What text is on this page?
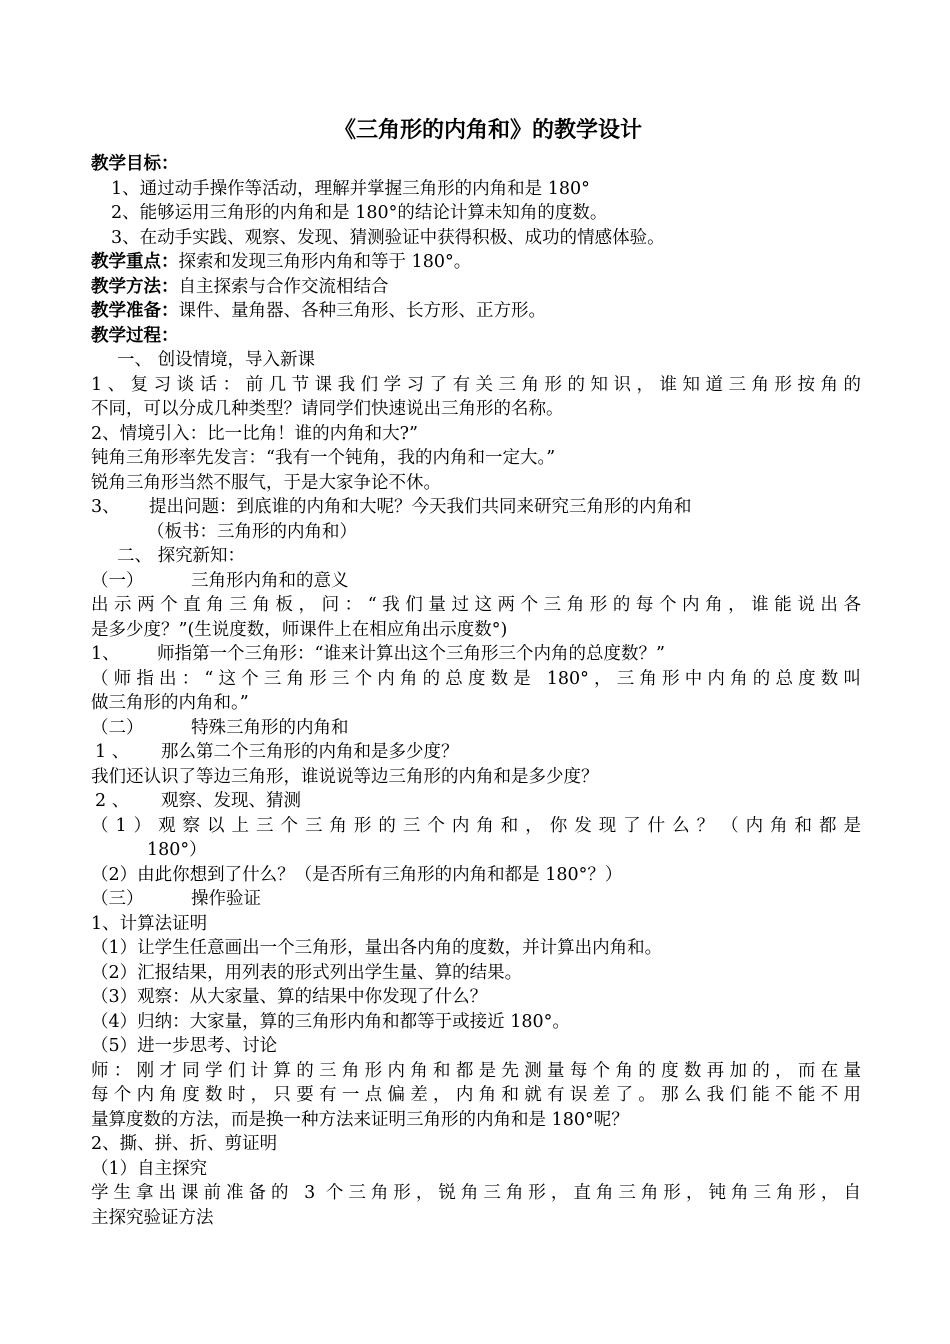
《三角形的内角和》的教学设计
教学目标：
1、通过动手操作等活动，理解并掌握三角形的内角和是 180°
2、能够运用三角形的内角和是 180°的结论计算未知角的度数。
3、在动手实践、观察、发现、猜测验证中获得积极、成功的情感体验。
教学重点：探索和发现三角形内角和等于 180°。
教学方法：自主探索与合作交流相结合
教学准备：课件、量角器、各种三角形、长方形、正方形。
教学过程：
一、 创设情境，导入新课
1、复习谈话：前几节课我们学习了有关三角形的知识，谁知道三角形按角的
不同，可以分成几种类型？请同学们快速说出三角形的名称。
2、情境引入：比一比角！谁的内角和大?”
钝角三角形率先发言：“我有一个钝角，我的内角和一定大。”
锐角三角形当然不服气，于是大家争论不休。
3、 提出问题：到底谁的内角和大呢？今天我们共同来研究三角形的内角和
（板书：三角形的内角和）
二、 探究新知：
（一）	三角形内角和的意义
出示两个直角三角板，问：“我们量过这两个三角形的每个内角，谁能说出各
是多少度？”(生说度数，师课件上在相应角出示度数°)
1、 师指第一个三角形：“谁来计算出这个三角形三个内角的总度数？”
（师指出：“这个三角形三个内角的总度数是 180°，三角形中内角的总度数叫
做三角形的内角和。”
（二）	特殊三角形的内角和
1 、 那么第二个三角形的内角和是多少度？
我们还认识了等边三角形，谁说说等边三角形的内角和是多少度？
2 、 观察、发现、猜测
（1）观察以上三个三角形的三个内角和，你发现了什么？（内角和都是
180°）
（2）由此你想到了什么？（是否所有三角形的内角和都是 180°？）
（三）	操作验证
1、计算法证明
（1）让学生任意画出一个三角形，量出各内角的度数，并计算出内角和。
（2）汇报结果，用列表的形式列出学生量、算的结果。
（3）观察：从大家量、算的结果中你发现了什么？
（4）归纳：大家量，算的三角形内角和都等于或接近 180°。
（5）进一步思考、讨论
师：刚才同学们计算的三角形内角和都是先测量每个角的度数再加的，而在量
每个内角度数时，只要有一点偏差，内角和就有误差了。那么我们能不能不用
量算度数的方法，而是换一种方法来证明三角形的内角和是 180°呢？
2、撕、拼、折、剪证明
（1）自主探究
学生拿出课前准备的 3 个三角形，锐角三角形，直角三角形，钝角三角形，自
主探究验证方法
